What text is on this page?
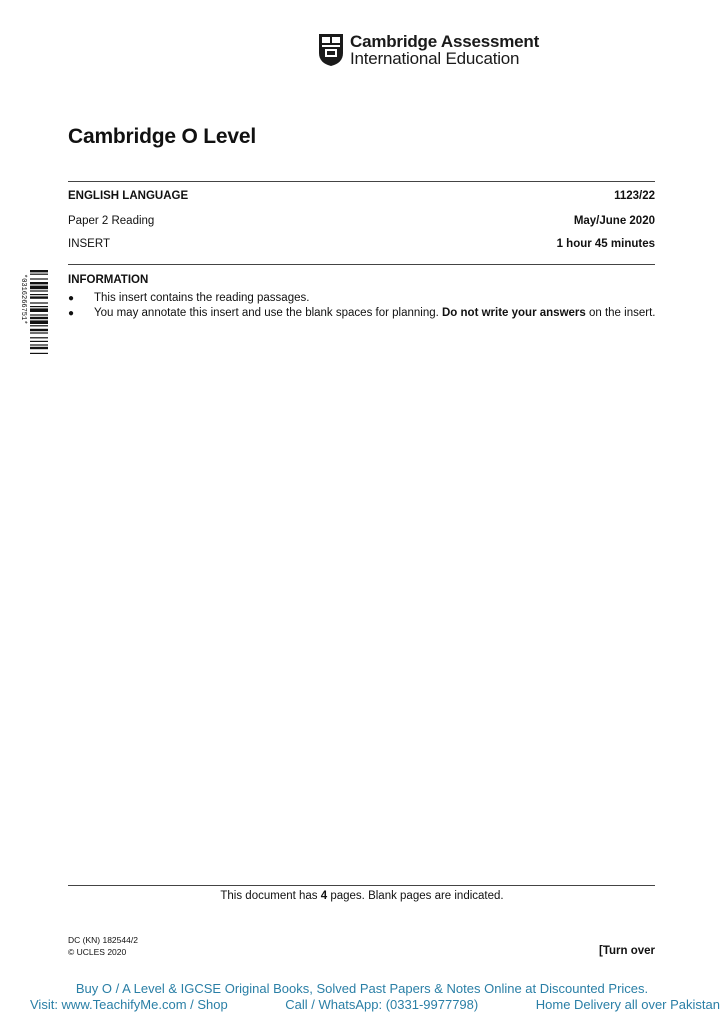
Cambridge Assessment
International Education
Cambridge O Level
ENGLISH LANGUAGE	1123/22
Paper 2 Reading	May/June 2020
INSERT	1 hour 45 minutes
*0316266751*	INFORMATION
● This insert contains the reading passages.
● You may annotate this insert and use the blank spaces for planning. Do not write your answers on the insert.
This document has 4 pages. Blank pages are indicated.
DC (KN) 182544/2
© UCLES 2020	[Turn over
Buy O / A Level & IGCSE Original Books, Solved Past Papers & Notes Online at Discounted Prices.
Visit: www.TeachifyMe.com / Shop	Call / WhatsApp: (0331-9977798)	Home Delivery all over Pakistan
